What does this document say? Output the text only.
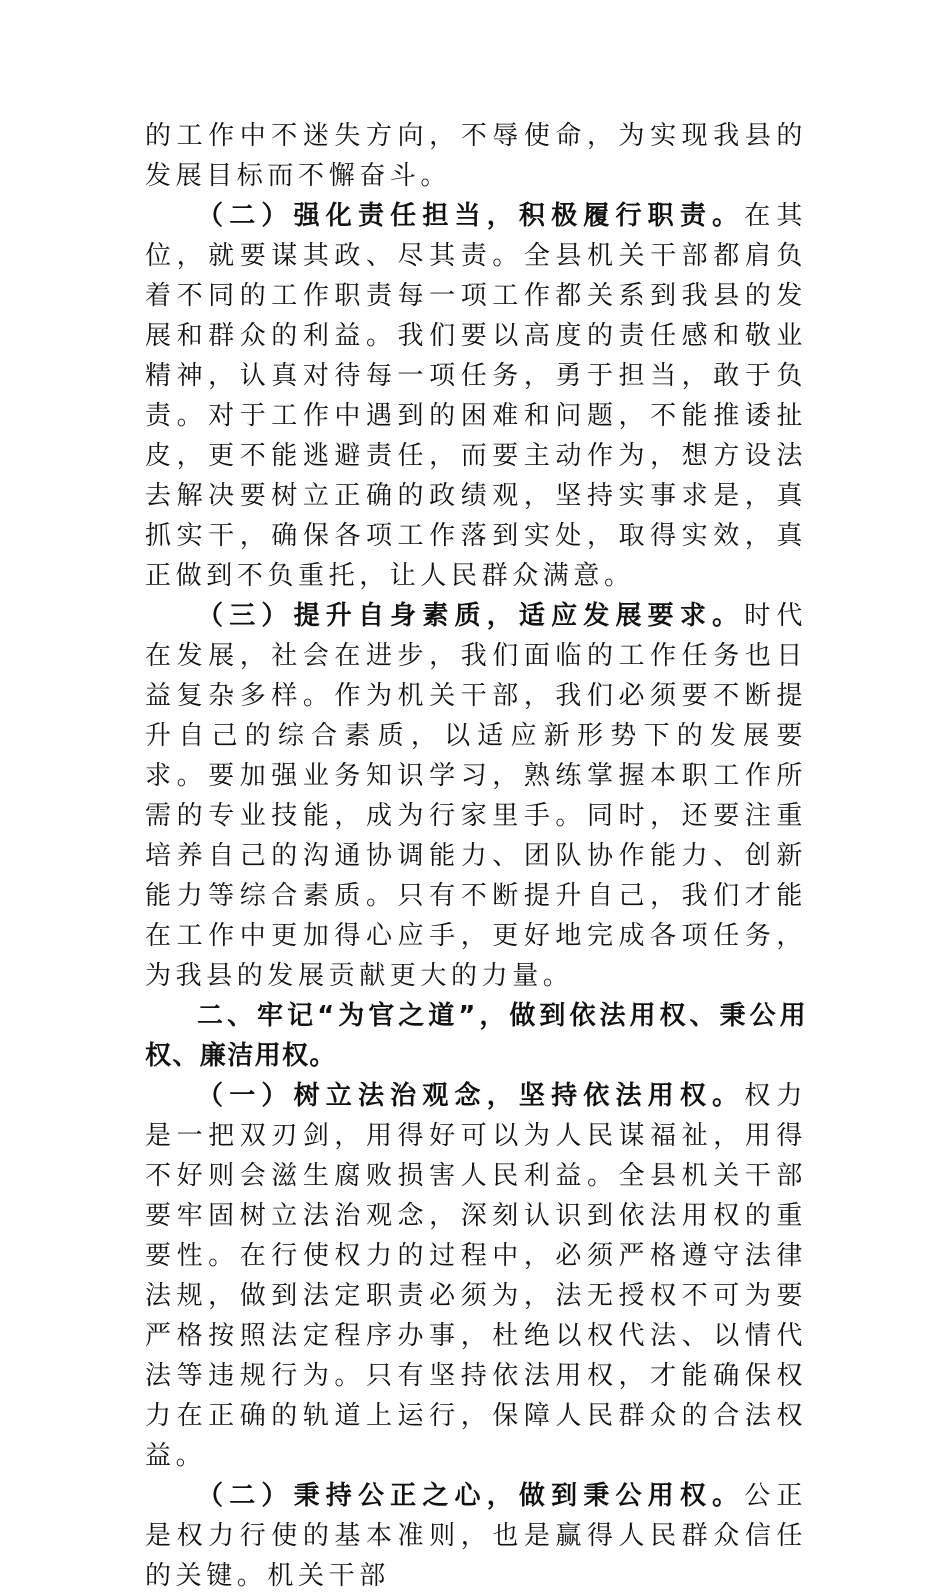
的工作中不迷失方向，不辱使命，为实现我县的发展目标而不懈奋斗。

（二）强化责任担当，积极履行职责。在其位，就要谋其政、尽其责。全县机关干部都肩负着不同的工作职责每一项工作都关系到我县的发展和群众的利益。我们要以高度的责任感和敬业精神，认真对待每一项任务，勇于担当，敢于负责。对于工作中遇到的困难和问题，不能推诿扯皮，更不能逃避责任，而要主动作为，想方设法去解决要树立正确的政绩观，坚持实事求是，真抓实干，确保各项工作落到实处，取得实效，真正做到不负重托，让人民群众满意。

（三）提升自身素质，适应发展要求。时代在发展，社会在进步，我们面临的工作任务也日益复杂多样。作为机关干部，我们必须要不断提升自己的综合素质，以适应新形势下的发展要求。要加强业务知识学习，熟练掌握本职工作所需的专业技能，成为行家里手。同时，还要注重培养自己的沟通协调能力、团队协作能力、创新能力等综合素质。只有不断提升自己，我们才能在工作中更加得心应手，更好地完成各项任务，为我县的发展贡献更大的力量。

二、牢记“为官之道”，做到依法用权、秉公用权、廉洁用权。

（一）树立法治观念，坚持依法用权。权力是一把双刃剑，用得好可以为人民谋福祉，用得不好则会滋生腐败损害人民利益。全县机关干部要牢固树立法治观念，深刻认识到依法用权的重要性。在行使权力的过程中，必须严格遵守法律法规，做到法定职责必须为，法无授权不可为要严格按照法定程序办事，杜绝以权代法、以情代法等违规行为。只有坚持依法用权，才能确保权力在正确的轨道上运行，保障人民群众的合法权益。

（二）秉持公正之心，做到秉公用权。公正是权力行使的基本准则，也是赢得人民群众信任的关键。机关干部
